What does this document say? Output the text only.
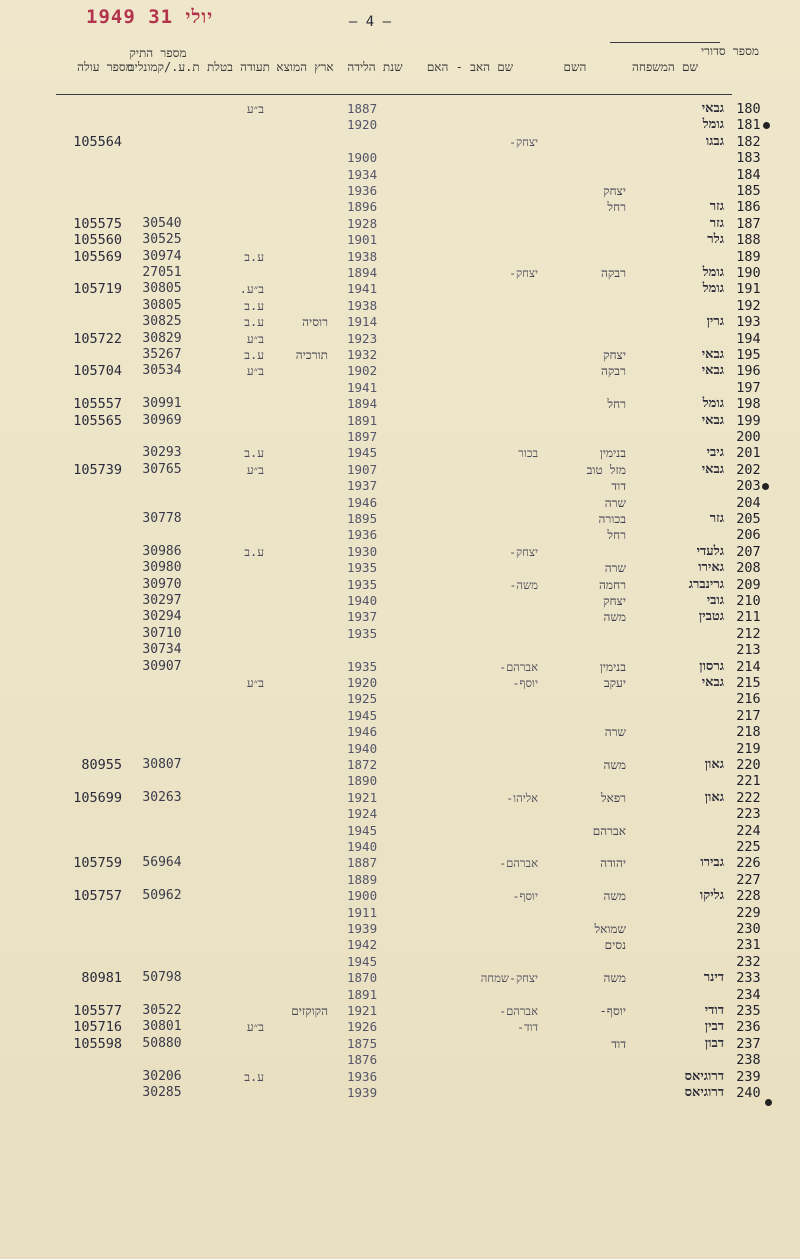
1949 יולי 31	– 4 –
מספר סדורי
שם המשפחה
השם
שם האב - האם
שנת הלידה
ארץ המוצא
תעודה בטלת ת.ע./קמונלים
מספר התיק
מספר עולה
180
גבאי
1887
ב״ע
181
גומל
1920
182
גבגו
יצחק-
105564
183
1900
184
1934
185
יצחק
1936
186
גזר
רחל
1896
187
גזר
1928
30540
105575
188
גלר
1901
30525
105560
189
1938
ע.ב
30974
105569
190
גומל
רבקה
יצחק-
1894
27051
191
גומל
1941
ב״ע.
30805
105719
192
1938
ע.ב
30805
193
גרין
1914
רוסיה
ע.ב
30825
194
1923
ב״ע
30829
105722
195
גבאי
יצחק
1932
תורכיה
ע.ב
35267
196
גבאי
רבקה
1902
ב״ע
30534
105704
197
1941
198
גומל
רחל
1894
30991
105557
199
גבאי
1891
30969
105565
200
1897
201
גיבי
בנימין
בכור
1945
ע.ב
30293
202
גבאי
מזל טוב
1907
ב״ע
30765
105739
203
דוד
1937
204
שרה
1946
205
גזר
בכורה
1895
30778
206
רחל
1936
207
גלעדי
יצחק-
1930
ע.ב
30986
208
גאירו
שרה
1935
30980
209
גרינברג
רחמה
משה-
1935
30970
210
גובי
יצחק
1940
30297
211
גטבין
משה
1937
30294
212
1935
30710
213
30734
214
גרסון
בנימין
אברהם-
1935
30907
215
גבאי
יעקב
יוסף-
1920
ב״ע
216
1925
217
1945
218
שרה
1946
219
1940
220
גאון
משה
1872
30807
80955
221
1890
222
גאון
רפאל
אליהו-
1921
30263
105699
223
1924
224
אברהם
1945
225
1940
226
גבירו
יהודה
אברהם-
1887
56964
105759
227
1889
228
גליקו
משה
יוסף-
1900
50962
105757
229
1911
230
שמואל
1939
231
נסים
1942
232
1945
233
דינר
משה
יצחק-שמחה
1870
50798
80981
234
1891
235
דודי
יוסף-
אברהם-
1921
הקוקזים
30522
105577
236
דבין
דוד-
1926
ב״ע
30801
105716
237
דבון
דוד
1875
50880
105598
238
1876
239
דרוגיאס
1936
ע.ב
30206
240
דרוגיאס
1939
30285
